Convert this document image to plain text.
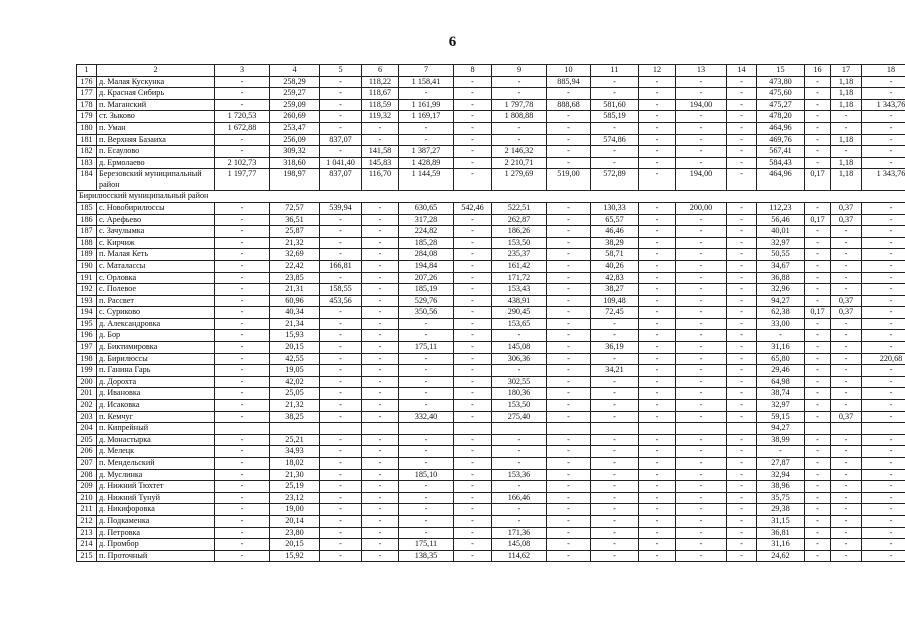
6
1	2	3	4	5	6	7	8	9	10	11	12	13	14	15	16	17	18
176	д. Малая Кускунка	-	258,29	-	118,22	1 158,41	-	-	885,94	-	-	-	-	473,80	-	1,18	-
177	д. Красная Сибирь	-	259,27	-	118,67	-	-	-	-	-	-	-	-	475,60	-	1,18	-
178	п. Маганский	-	259,09	-	118,59	1 161,99	-	1 797,78	888,68	581,60	-	194,00	-	475,27	-	1,18	1 343,76
179	ст. Зыково	1 720,53	260,69	-	119,32	1 169,17	-	1 808,88	-	585,19	-	-	-	478,20	-	-	-
180	п. Уман	1 672,88	253,47	-	-	-	-	-	-	-	-	-	-	464,96	-	-	-
181	п. Верхняя Базаиха	-	256,09	837,07	-	-	-	-	-	574,86	-	-	-	469,76	-	1,18	-
182	п. Есаулово	-	309,32	-	141,58	1 387,27	-	2 146,32	-	-	-	-	-	567,41	-	-	-
183	д. Ермолаево	2 102,73	318,60	1 041,40	145,83	1 428,89	-	2 210,71	-	-	-	-	-	584,43	-	1,18	-
184	Березовский муниципальный район	1 197,77	198,97	837,07	116,70	1 144,59	-	1 279,69	519,00	572,89	-	194,00	-	464,96	0,17	1,18	1 343,76
Бирилюсский муниципальный район																	
185	с. Новобирилюссы	-	72,57	539,94	-	630,65	542,46	522,51	-	130,33	-	200,00	-	112,23	-	0,37	-
186	с. Арефьево	-	36,51	-	-	317,28	-	262,87	-	65,57	-	-	-	56,46	0,17	0,37	-
187	с. Зачулымка	-	25,87	-	-	224,82	-	186,26	-	46,46	-	-	-	40,01	-	-	-
188	с. Кирчиж	-	21,32	-	-	185,28	-	153,50	-	38,29	-	-	-	32,97	-	-	-
189	п. Малая Кеть	-	32,69	-	-	284,08	-	235,37	-	58,71	-	-	-	50,55	-	-	-
190	с. Маталассы	-	22,42	166,81	-	194,84	-	161,42	-	40,26	-	-	-	34,67	-	-	-
191	с. Орловка	-	23,85	-	-	207,26	-	171,72	-	42,83	-	-	-	36,88	-	-	-
192	с. Полевое	-	21,31	158,55	-	185,19	-	153,43	-	38,27	-	-	-	32,96	-	-	-
193	п. Рассвет	-	60,96	453,56	-	529,76	-	438,91	-	109,48	-	-	-	94,27	-	0,37	-
194	с. Суриково	-	40,34	-	-	350,56	-	290,45	-	72,45	-	-	-	62,38	0,17	0,37	-
195	д. Александровка	-	21,34	-	-	-	-	153,65	-	-	-	-	-	33,00	-	-	-
196	д. Бор	-	15,93	-	-	-	-	-	-	-	-	-	-	-	-	-	-
197	д. Биктимировка	-	20,15	-	-	175,11	-	145,08	-	36,19	-	-	-	31,16	-	-	-
198	д. Бирилюссы	-	42,55	-	-	-	-	306,36	-	-	-	-	-	65,80	-	-	220,68
199	п. Ганина Гарь	-	19,05	-	-	-	-	-	-	34,21	-	-	-	29,46	-	-	-
200	д. Дорохта	-	42,02	-	-	-	-	302,55	-	-	-	-	-	64,98	-	-	-
201	д. Ивановка	-	25,05	-	-	-	-	180,36	-	-	-	-	-	38,74	-	-	-
202	д. Исаковка	-	21,32	-	-	-	-	153,50	-	-	-	-	-	32,97	-	-	-
203	п. Кемчуг	-	38,25	-	-	332,40	-	275,40	-	-	-	-	-	59,15	-	0,37	-
204	п. Кипрейный													94,27			
205	д. Монастырка	-	25,21	-	-	-	-	-	-	-	-	-	-	38,99	-	-	-
206	д. Мелецк	-	34,93	-	-	-	-	-	-	-	-	-	-	-	-	-	-
207	п. Мендельский	-	18,02	-	-	-	-	-	-	-	-	-	-	27,87	-	-	-
208	д. Муслинка	-	21,30	-	-	185,10	-	153,36	-	-	-	-	-	32,94	-	-	-
209	д. Нижний Тюхтет	-	25,19	-	-	-	-	-	-	-	-	-	-	38,96	-	-	-
210	д. Нижний Тунуй	-	23,12	-	-	-	-	166,46	-	-	-	-	-	35,75	-	-	-
211	д. Никифоровка	-	19,00	-	-	-	-	-	-	-	-	-	-	29,38	-	-	-
212	д. Подкаменка	-	20,14	-	-	-	-	-	-	-	-	-	-	31,15	-	-	-
213	д. Петровка	-	23,80	-	-	-	-	171,36	-	-	-	-	-	36,81	-	-	-
214	д. Промбор	-	20,15	-	-	175,11	-	145,08	-	-	-	-	-	31,16	-	-	-
215	п. Проточный	-	15,92	-	-	138,35	-	114,62	-	-	-	-	-	24,62	-	-	-
